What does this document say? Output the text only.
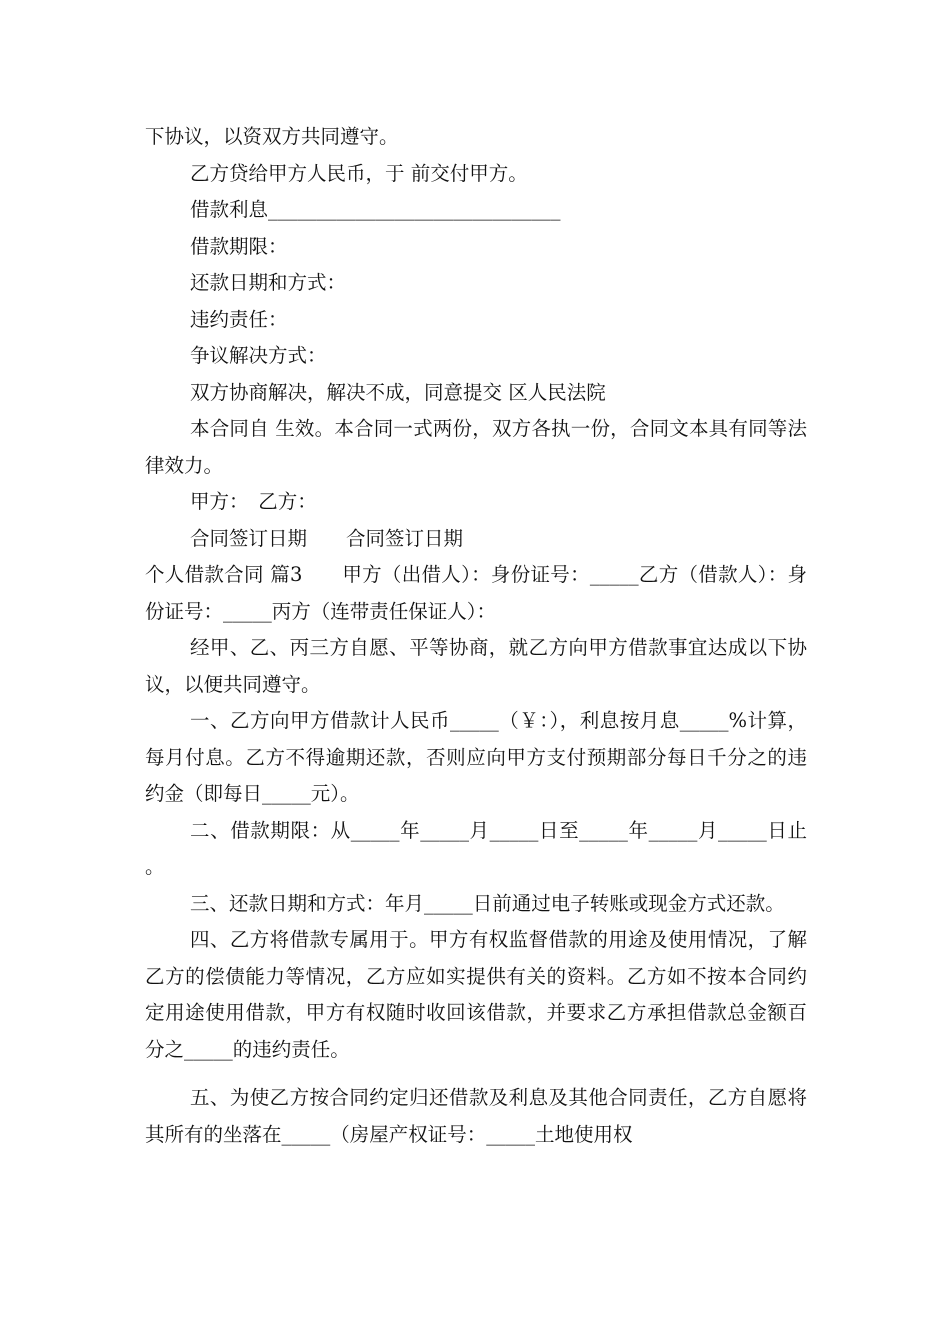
下协议，以资双方共同遵守。

乙方贷给甲方人民币，于 前交付甲方。

借款利息______________________________

借款期限：

还款日期和方式：

违约责任：

争议解决方式：

双方协商解决，解决不成，同意提交 区人民法院

本合同自 生效。本合同一式两份，双方各执一份，合同文本具有同等法律效力。

甲方：　乙方：

合同签订日期　　合同签订日期

个人借款合同 篇3　　甲方（出借人）：身份证号：_____乙方（借款人）：身份证号：_____丙方（连带责任保证人）：

经甲、乙、丙三方自愿、平等协商，就乙方向甲方借款事宜达成以下协议，以便共同遵守。

一、乙方向甲方借款计人民币_____（￥：），利息按月息_____%计算，每月付息。乙方不得逾期还款，否则应向甲方支付预期部分每日千分之的违约金（即每日_____元）。

二、借款期限：从_____年_____月_____日至_____年_____月_____日止。

三、还款日期和方式：年月_____日前通过电子转账或现金方式还款。

四、乙方将借款专属用于。甲方有权监督借款的用途及使用情况，了解乙方的偿债能力等情况，乙方应如实提供有关的资料。乙方如不按本合同约定用途使用借款，甲方有权随时收回该借款，并要求乙方承担借款总金额百分之_____的违约责任。

五、为使乙方按合同约定归还借款及利息及其他合同责任，乙方自愿将其所有的坐落在_____（房屋产权证号：_____土地使用权
